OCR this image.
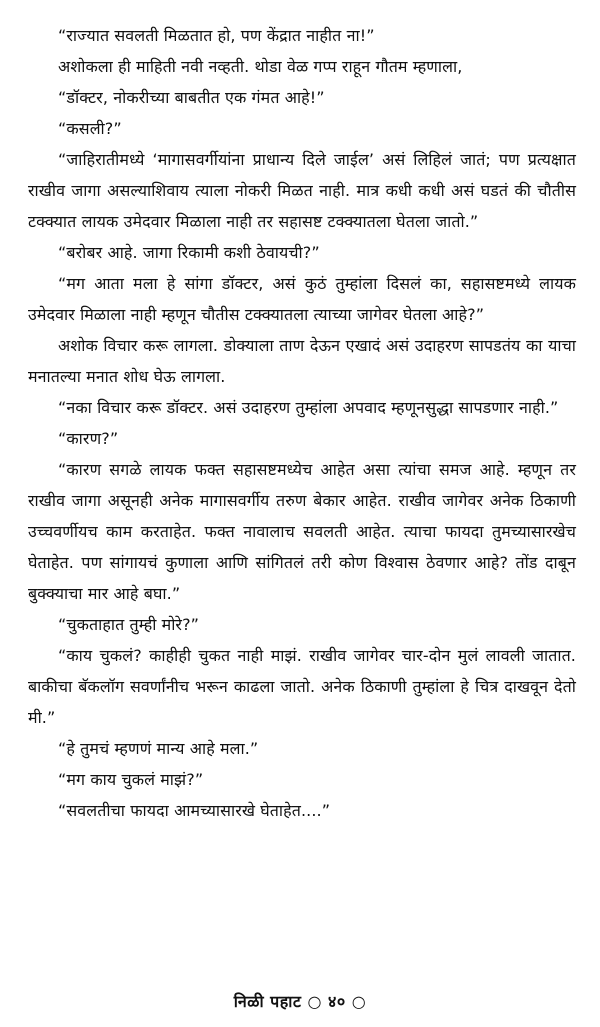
“राज्यात सवलती मिळतात हो, पण केंद्रात नाहीत ना!”

अशोकला ही माहिती नवी नव्हती. थोडा वेळ गप्प राहून गौतम म्हणाला,

“डॉक्टर, नोकरीच्या बाबतीत एक गंमत आहे!”

“कसली?”

“जाहिरातीमध्ये ‘मागासवर्गीयांना प्राधान्य दिले जाईल’ असं लिहिलं जातं; पण प्रत्यक्षात राखीव जागा असल्याशिवाय त्याला नोकरी मिळत नाही. मात्र कधी कधी असं घडतं की चौतीस टक्क्यात लायक उमेदवार मिळाला नाही तर सहासष्ट टक्क्यातला घेतला जातो.”

“बरोबर आहे. जागा रिकामी कशी ठेवायची?”

“मग आता मला हे सांगा डॉक्टर, असं कुठं तुम्हांला दिसलं का, सहासष्टमध्ये लायक उमेदवार मिळाला नाही म्हणून चौतीस टक्क्यातला त्याच्या जागेवर घेतला आहे?”

अशोक विचार करू लागला. डोक्याला ताण देऊन एखादं असं उदाहरण सापडतंय का याचा मनातल्या मनात शोध घेऊ लागला.

“नका विचार करू डॉक्टर. असं उदाहरण तुम्हांला अपवाद म्हणूनसुद्धा सापडणार नाही.”

“कारण?”

“कारण सगळे लायक फक्त सहासष्टमध्येच आहेत असा त्यांचा समज आहे. म्हणून तर राखीव जागा असूनही अनेक मागासवर्गीय तरुण बेकार आहेत. राखीव जागेवर अनेक ठिकाणी उच्चवर्णीयच काम करताहेत. फक्त नावालाच सवलती आहेत. त्याचा फायदा तुमच्यासारखेच घेताहेत. पण सांगायचं कुणाला आणि सांगितलं तरी कोण विश्वास ठेवणार आहे? तोंड दाबून बुक्क्याचा मार आहे बघा.”

“चुकताहात तुम्ही मोरे?”

“काय चुकलं? काहीही चुकत नाही माझं. राखीव जागेवर चार-दोन मुलं लावली जातात. बाकीचा बॅकलॉग सवर्णांनीच भरून काढला जातो. अनेक ठिकाणी तुम्हांला हे चित्र दाखवून देतो मी.”

“हे तुमचं म्हणणं मान्य आहे मला.”

“मग काय चुकलं माझं?”

“सवलतीचा फायदा आमच्यासारखे घेताहेत....”

निळी पहाट ○ ४० ○
